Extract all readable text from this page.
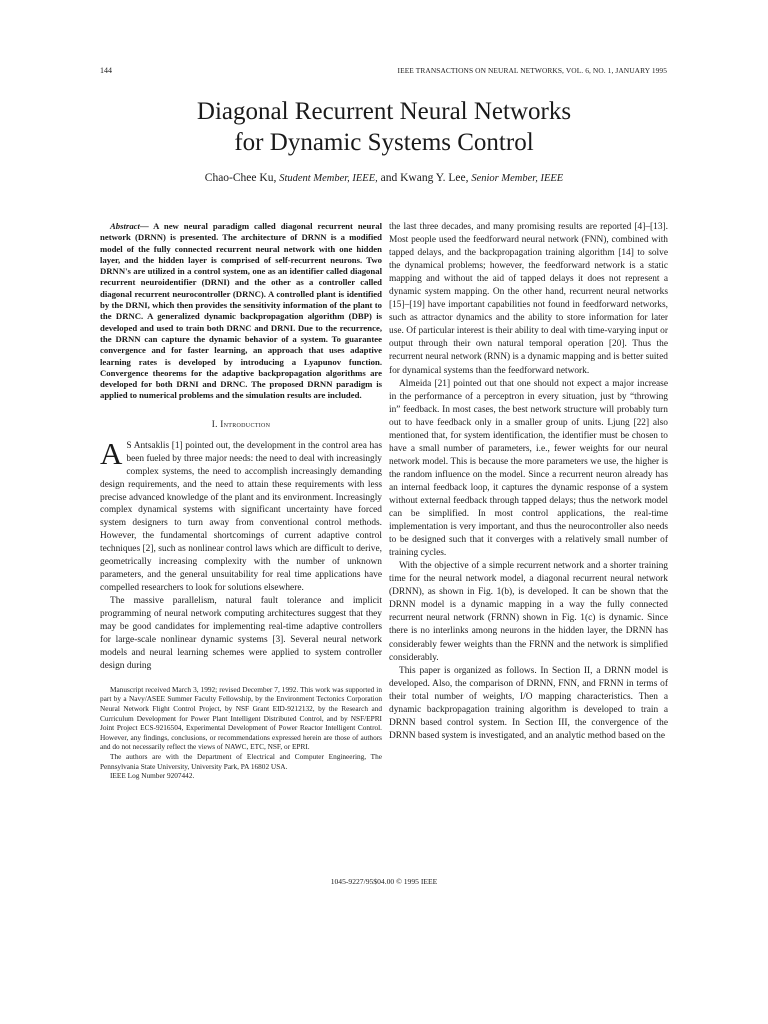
144	IEEE TRANSACTIONS ON NEURAL NETWORKS, VOL. 6, NO. 1, JANUARY 1995
Diagonal Recurrent Neural Networks
for Dynamic Systems Control
Chao-Chee Ku, Student Member, IEEE, and Kwang Y. Lee, Senior Member, IEEE

Abstract— A new neural paradigm called diagonal recurrent neural network (DRNN) is presented. The architecture of DRNN is a modified model of the fully connected recurrent neural network with one hidden layer, and the hidden layer is comprised of self-recurrent neurons. Two DRNN's are utilized in a control system, one as an identifier called diagonal recurrent neuroidentifier (DRNI) and the other as a controller called diagonal recurrent neurocontroller (DRNC). A controlled plant is identified by the DRNI, which then provides the sensitivity information of the plant to the DRNC. A generalized dynamic backpropagation algorithm (DBP) is developed and used to train both DRNC and DRNI. Due to the recurrence, the DRNN can capture the dynamic behavior of a system. To guarantee convergence and for faster learning, an approach that uses adaptive learning rates is developed by introducing a Lyapunov function. Convergence theorems for the adaptive backpropagation algorithms are developed for both DRNI and DRNC. The proposed DRNN paradigm is applied to numerical problems and the simulation results are included.

I. Introduction

A S Antsaklis [1] pointed out, the development in the control area has been fueled by three major needs: the need to deal with increasingly complex systems, the need to accomplish increasingly demanding design requirements, and the need to attain these requirements with less precise advanced knowledge of the plant and its environment. Increasingly complex dynamical systems with significant uncertainty have forced system designers to turn away from conventional control methods. However, the fundamental shortcomings of current adaptive control techniques [2], such as nonlinear control laws which are difficult to derive, geometrically increasing complexity with the number of unknown parameters, and the general unsuitability for real time applications have compelled researchers to look for solutions elsewhere.

The massive parallelism, natural fault tolerance and implicit programming of neural network computing architectures suggest that they may be good candidates for implementing real-time adaptive controllers for large-scale nonlinear dynamic systems [3]. Several neural network models and neural learning schemes were applied to system controller design during

Manuscript received March 3, 1992; revised December 7, 1992. This work was supported in part by a Navy/ASEE Summer Faculty Fellowship, by the Environment Tectonics Corporation Neural Network Flight Control Project, by NSF Grant EID-9212132, by the Research and Curriculum Development for Power Plant Intelligent Distributed Control, and by NSF/EPRI Joint Project ECS-9216504, Experimental Development of Power Reactor Intelligent Control. However, any findings, conclusions, or recommendations expressed herein are those of authors and do not necessarily reflect the views of NAWC, ETC, NSF, or EPRI.

The authors are with the Department of Electrical and Computer Engineering, The Pennsylvania State University, University Park, PA 16802 USA.

IEEE Log Number 9207442.

the last three decades, and many promising results are reported [4]–[13]. Most people used the feedforward neural network (FNN), combined with tapped delays, and the backpropagation training algorithm [14] to solve the dynamical problems; however, the feedforward network is a static mapping and without the aid of tapped delays it does not represent a dynamic system mapping. On the other hand, recurrent neural networks [15]–[19] have important capabilities not found in feedforward networks, such as attractor dynamics and the ability to store information for later use. Of particular interest is their ability to deal with time-varying input or output through their own natural temporal operation [20]. Thus the recurrent neural network (RNN) is a dynamic mapping and is better suited for dynamical systems than the feedforward network.

Almeida [21] pointed out that one should not expect a major increase in the performance of a perceptron in every situation, just by “throwing in” feedback. In most cases, the best network structure will probably turn out to have feedback only in a smaller group of units. Ljung [22] also mentioned that, for system identification, the identifier must be chosen to have a small number of parameters, i.e., fewer weights for our neural network model. This is because the more parameters we use, the higher is the random influence on the model. Since a recurrent neuron already has an internal feedback loop, it captures the dynamic response of a system without external feedback through tapped delays; thus the network model can be simplified. In most control applications, the real-time implementation is very important, and thus the neurocontroller also needs to be designed such that it converges with a relatively small number of training cycles.

With the objective of a simple recurrent network and a shorter training time for the neural network model, a diagonal recurrent neural network (DRNN), as shown in Fig. 1(b), is developed. It can be shown that the DRNN model is a dynamic mapping in a way the fully connected recurrent neural network (FRNN) shown in Fig. 1(c) is dynamic. Since there is no interlinks among neurons in the hidden layer, the DRNN has considerably fewer weights than the FRNN and the network is simplified considerably.

This paper is organized as follows. In Section II, a DRNN model is developed. Also, the comparison of DRNN, FNN, and FRNN in terms of their total number of weights, I/O mapping characteristics. Then a dynamic backpropagation training algorithm is developed to train a DRNN based control system. In Section III, the convergence of the DRNN based system is investigated, and an analytic method based on the

1045-9227/95$04.00 © 1995 IEEE
